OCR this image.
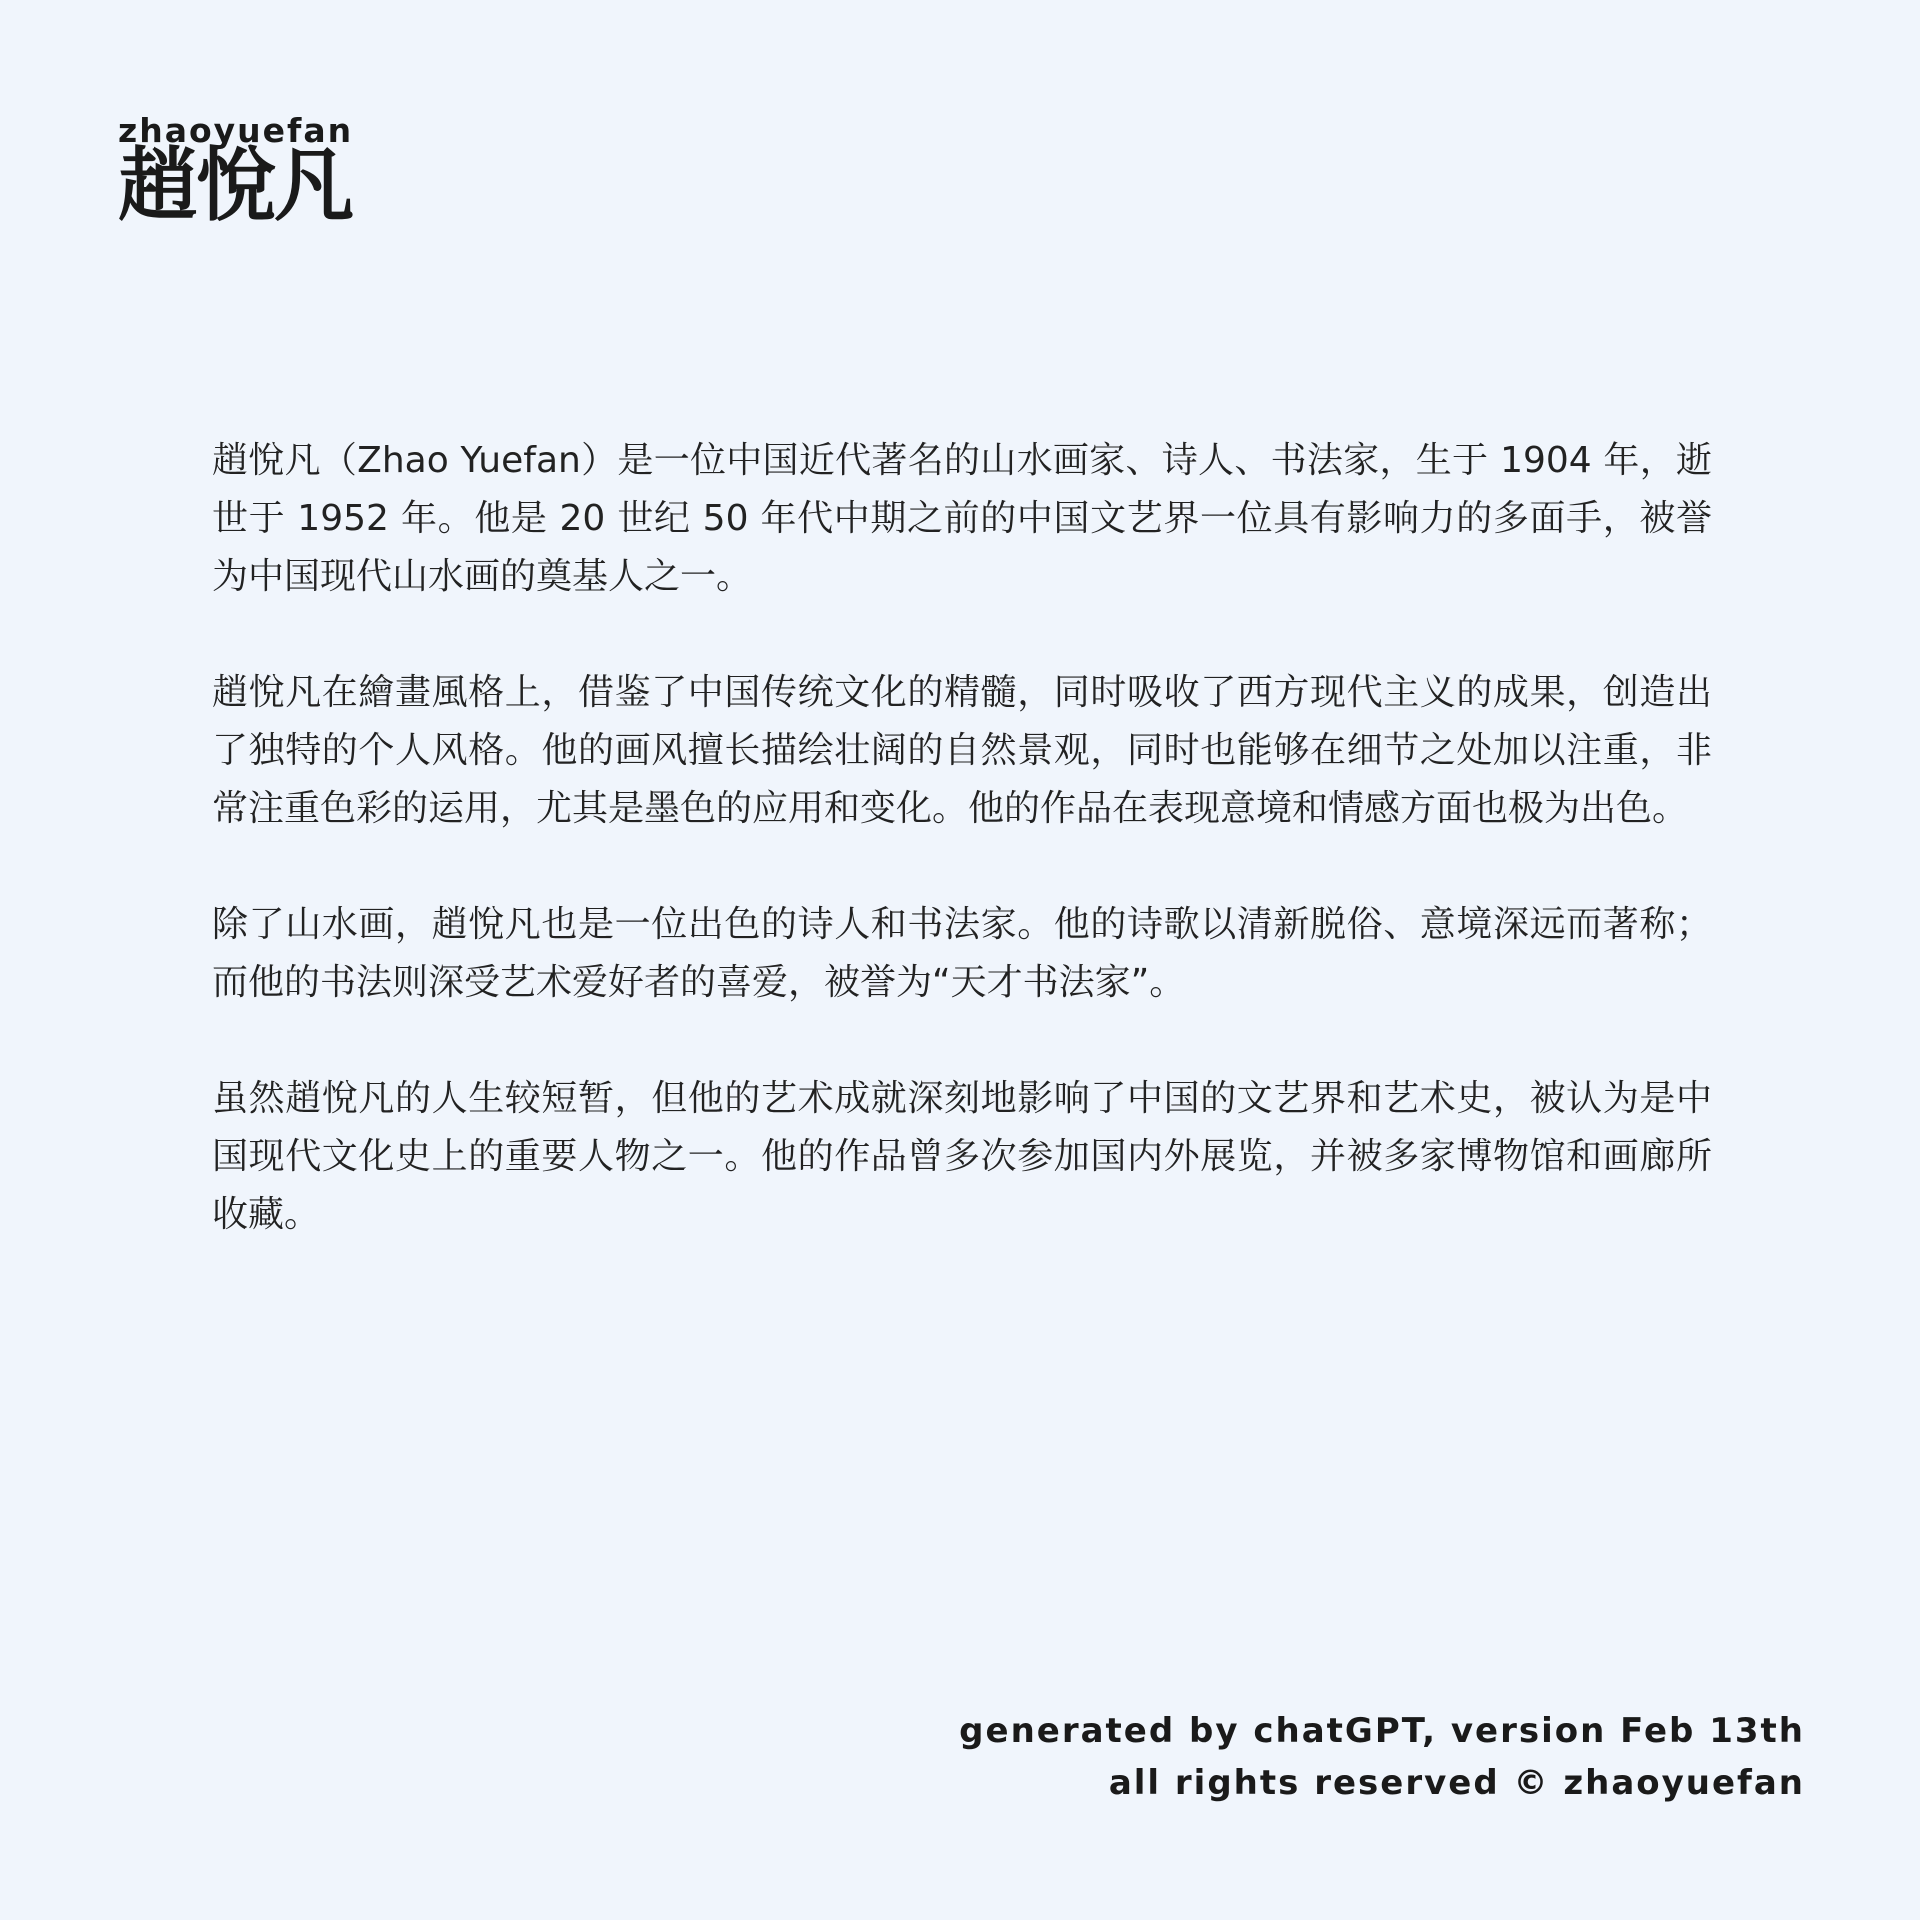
zhaoyuefan
趙悅凡

趙悅凡（Zhao Yuefan）是一位中国近代著名的山水画家、诗人、书法家，生于 1904 年，逝世于 1952 年。他是 20 世纪 50 年代中期之前的中国文艺界一位具有影响力的多面手，被誉为中国现代山水画的奠基人之一。

趙悅凡在繪畫風格上，借鉴了中国传统文化的精髓，同时吸收了西方现代主义的成果，创造出了独特的个人风格。他的画风擅长描绘壮阔的自然景观，同时也能够在细节之处加以注重，非常注重色彩的运用，尤其是墨色的应用和变化。他的作品在表现意境和情感方面也极为出色。

除了山水画，趙悅凡也是一位出色的诗人和书法家。他的诗歌以清新脱俗、意境深远而著称；而他的书法则深受艺术爱好者的喜爱，被誉为“天才书法家”。

虽然趙悅凡的人生较短暂，但他的艺术成就深刻地影响了中国的文艺界和艺术史，被认为是中国现代文化史上的重要人物之一。他的作品曾多次参加国内外展览，并被多家博物馆和画廊所收藏。

generated by chatGPT, version Feb 13th
all rights reserved © zhaoyuefan
